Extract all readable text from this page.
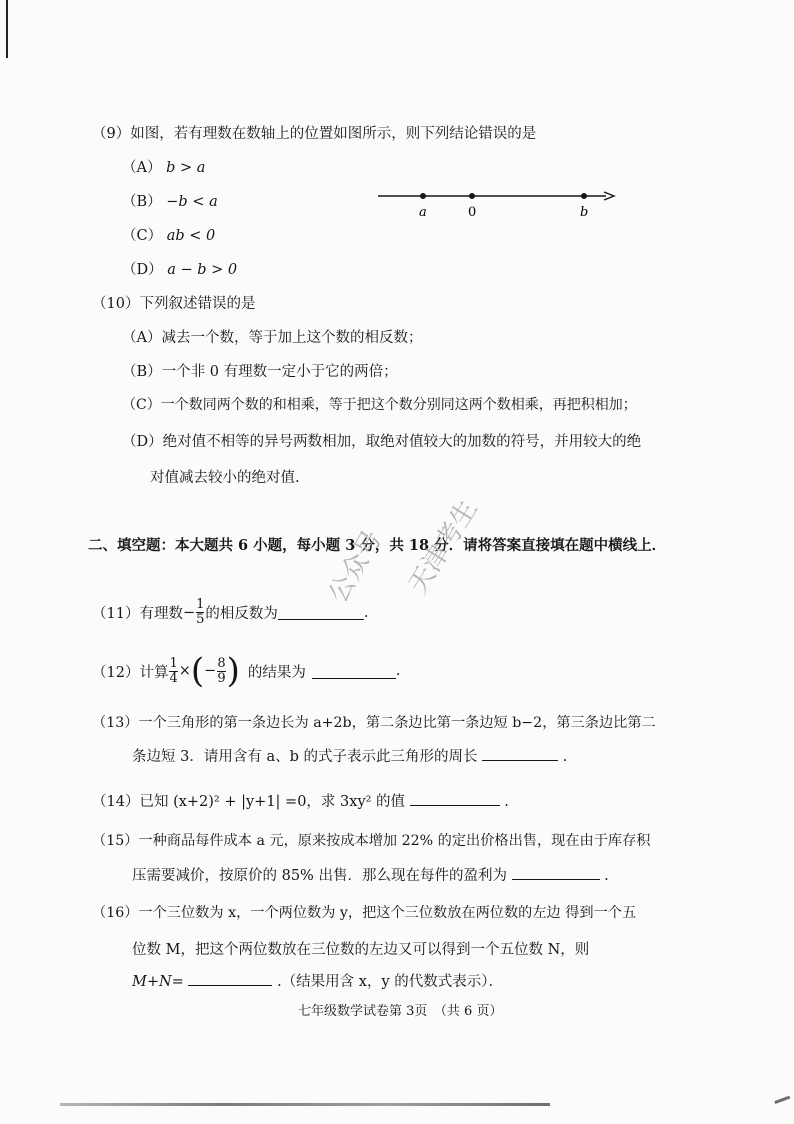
（9）如图，若有理数在数轴上的位置如图所示，则下列结论错误的是
（A） b > a
（B） −b < a
（C） ab < 0
（D） a − b > 0
a	0	b
（10）下列叙述错误的是
（A）减去一个数，等于加上这个数的相反数；
（B）一个非 0 有理数一定小于它的两倍；
（C）一个数同两个数的和相乘，等于把这个数分别同这两个数相乘，再把积相加；
（D）绝对值不相等的异号两数相加，取绝对值较大的加数的符号，并用较大的绝
对值减去较小的绝对值.
二、填空题：本大题共 6 小题，每小题 3 分，共 18 分．请将答案直接填在题中横线上．
（11）有理数 − $\frac{1}{5}$ 的相反数为	.
（12）计算 $\frac{1}{4}$ × ( − $\frac{8}{9}$ ) 的结果为	.
（13）一个三角形的第一条边长为 a+2b，第二条边比第一条边短 b−2，第三条边比第二
条边短 3．请用含有 a、b 的式子表示此三角形的周长	.
（14）已知 (x+2)² + |y+1| =0，求 3xy² 的值	.
（15）一种商品每件成本 a 元，原来按成本增加 22% 的定出价格出售，现在由于库存积
压需要减价，按原价的 85% 出售．那么现在每件的盈利为	.
（16）一个三位数为 x，一个两位数为 y，把这个三位数放在两位数的左边 得到一个五
位数 M，把这个两位数放在三位数的左边又可以得到一个五位数 N，则
M+N=	.（结果用含 x，y 的代数式表示）．
七年级数学试卷第 3页　（共 6 页）
公众号 天津考生
